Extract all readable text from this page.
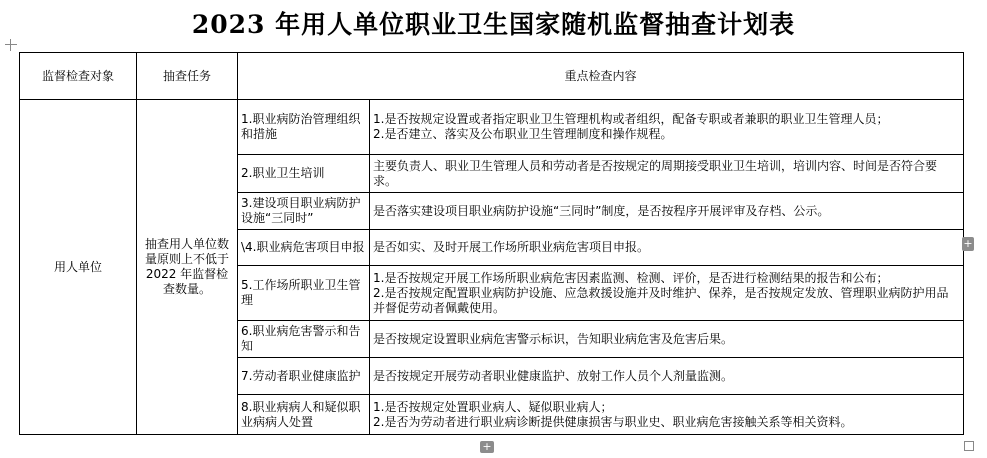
2023 年用人单位职业卫生国家随机监督抽查计划表
监督检查对象	抽查任务	重点检查内容	
用人单位	抽查用人单位数量原则上不低于 2022 年监督检查数量。	1.职业病防治管理组织和措施	1.是否按规定设置或者指定职业卫生管理机构或者组织，配备专职或者兼职的职业卫生管理人员；
2.是否建立、落实及公布职业卫生管理制度和操作规程。

		2.职业卫生培训	主要负责人、职业卫生管理人员和劳动者是否按规定的周期接受职业卫生培训，培训内容、时间是否符合要求。

		3.建设项目职业病防护设施“三同时”	是否落实建设项目职业病防护设施“三同时”制度，是否按程序开展评审及存档、公示。

		\4.职业病危害项目申报	是否如实、及时开展工作场所职业病危害项目申报。

		5.工作场所职业卫生管理	1.是否按规定开展工作场所职业病危害因素监测、检测、评价，是否进行检测结果的报告和公布；
2.是否按规定配置职业病防护设施、应急救援设施并及时维护、保养，是否按规定发放、管理职业病防护用品并督促劳动者佩戴使用。

		6.职业病危害警示和告知	是否按规定设置职业病危害警示标识，告知职业病危害及危害后果。

		7.劳动者职业健康监护	是否按规定开展劳动者职业健康监护、放射工作人员个人剂量监测。

		8.职业病病人和疑似职业病病人处置	1.是否按规定处置职业病人、疑似职业病人；
2.是否为劳动者进行职业病诊断提供健康损害与职业史、职业病危害接触关系等相关资料。
+
+
